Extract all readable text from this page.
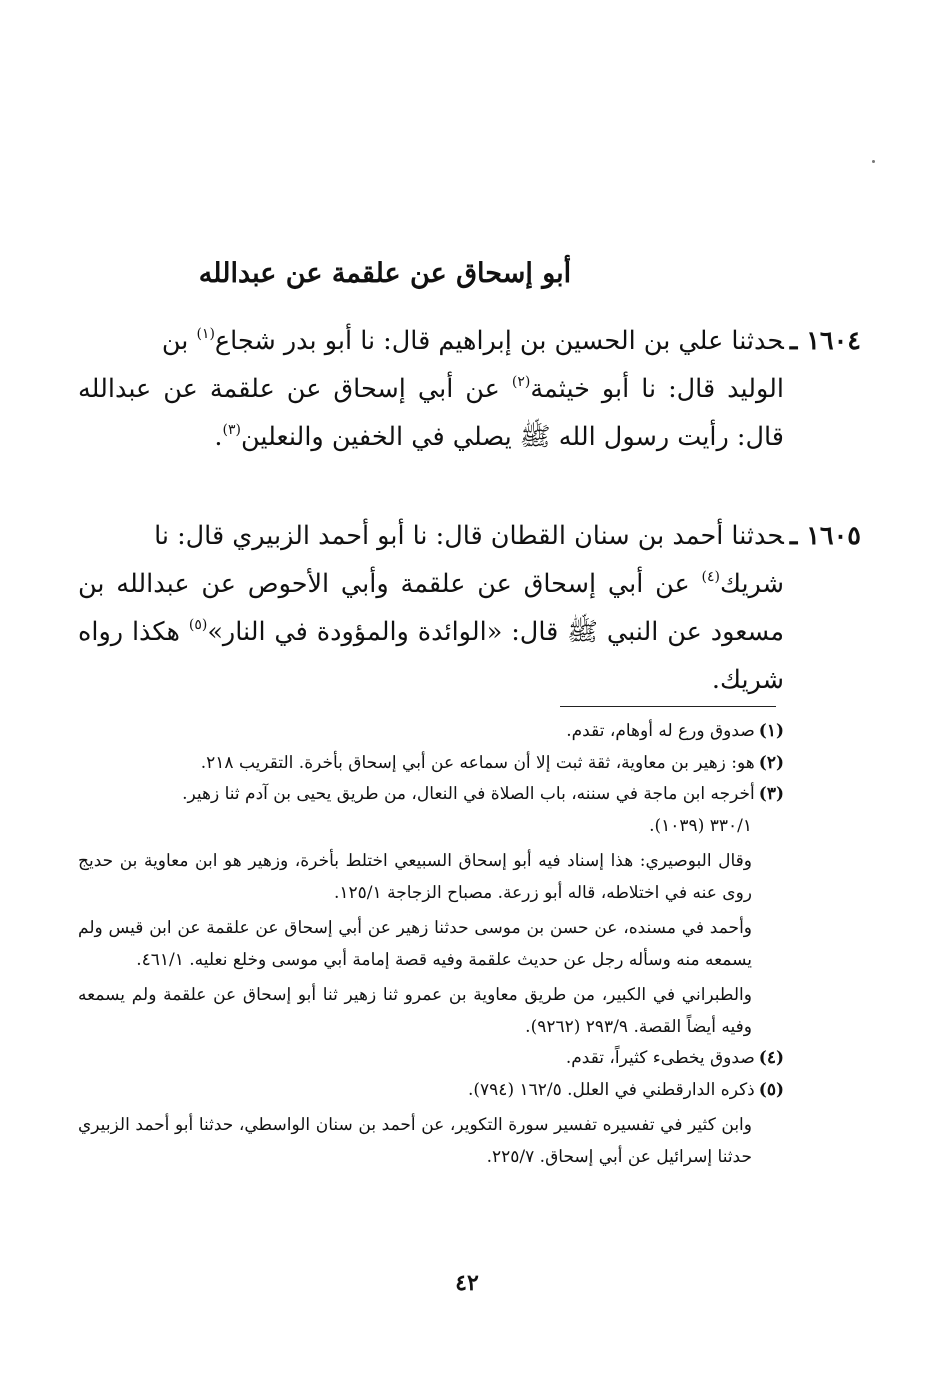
أبو إسحاق عن علقمة عن عبدالله
١٦٠٤ ـحدثنا علي بن الحسين بن إبراهيم قال: نا أبو بدر شجاع$^{(١)}$ بن
الوليد قال: نا أبو خيثمة$^{(٢)}$ عن أبي إسحاق عن علقمة عن عبدالله قال: رأيت رسول الله ﷺ يصلي في الخفين والنعلين$^{(٣)}$.
١٦٠٥ ـحدثنا أحمد بن سنان القطان قال: نا أبو أحمد الزبيري قال: نا
شريك$^{(٤)}$ عن أبي إسحاق عن علقمة وأبي الأحوص عن عبدالله بن مسعود عن النبي ﷺ قال: «الوائدة والمؤودة في النار»$^{(٥)}$ هكذا رواه شريك.

(١)صدوق ورع له أوهام، تقدم.

(٢)هو: زهير بن معاوية، ثقة ثبت إلا أن سماعه عن أبي إسحاق بأخرة. التقريب ٢١٨.

(٣)أخرجه ابن ماجة في سننه، باب الصلاة في النعال، من طريق يحيى بن آدم ثنا زهير.

٣٣٠/١ (١٠٣٩).

وقال البوصيري: هذا إسناد فيه أبو إسحاق السبيعي اختلط بأخرة، وزهير هو ابن معاوية بن حديج روى عنه في اختلاطه، قاله أبو زرعة. مصباح الزجاجة ١٢٥/١.

وأحمد في مسنده، عن حسن بن موسى حدثنا زهير عن أبي إسحاق عن علقمة عن ابن قيس ولم يسمعه منه وسأله رجل عن حديث علقمة وفيه قصة إمامة أبي موسى وخلع نعليه. ٤٦١/١.

والطبراني في الكبير، من طريق معاوية بن عمرو ثنا زهير ثنا أبو إسحاق عن علقمة ولم يسمعه وفيه أيضاً القصة. ٢٩٣/٩ (٩٢٦٢).

(٤)صدوق يخطىء كثيراً، تقدم.

(٥)ذكره الدارقطني في العلل. ١٦٢/٥ (٧٩٤).

وابن كثير في تفسيره تفسير سورة التكوير، عن أحمد بن سنان الواسطي، حدثنا أبو أحمد الزبيري حدثنا إسرائيل عن أبي إسحاق. ٢٢٥/٧.

٤٢
